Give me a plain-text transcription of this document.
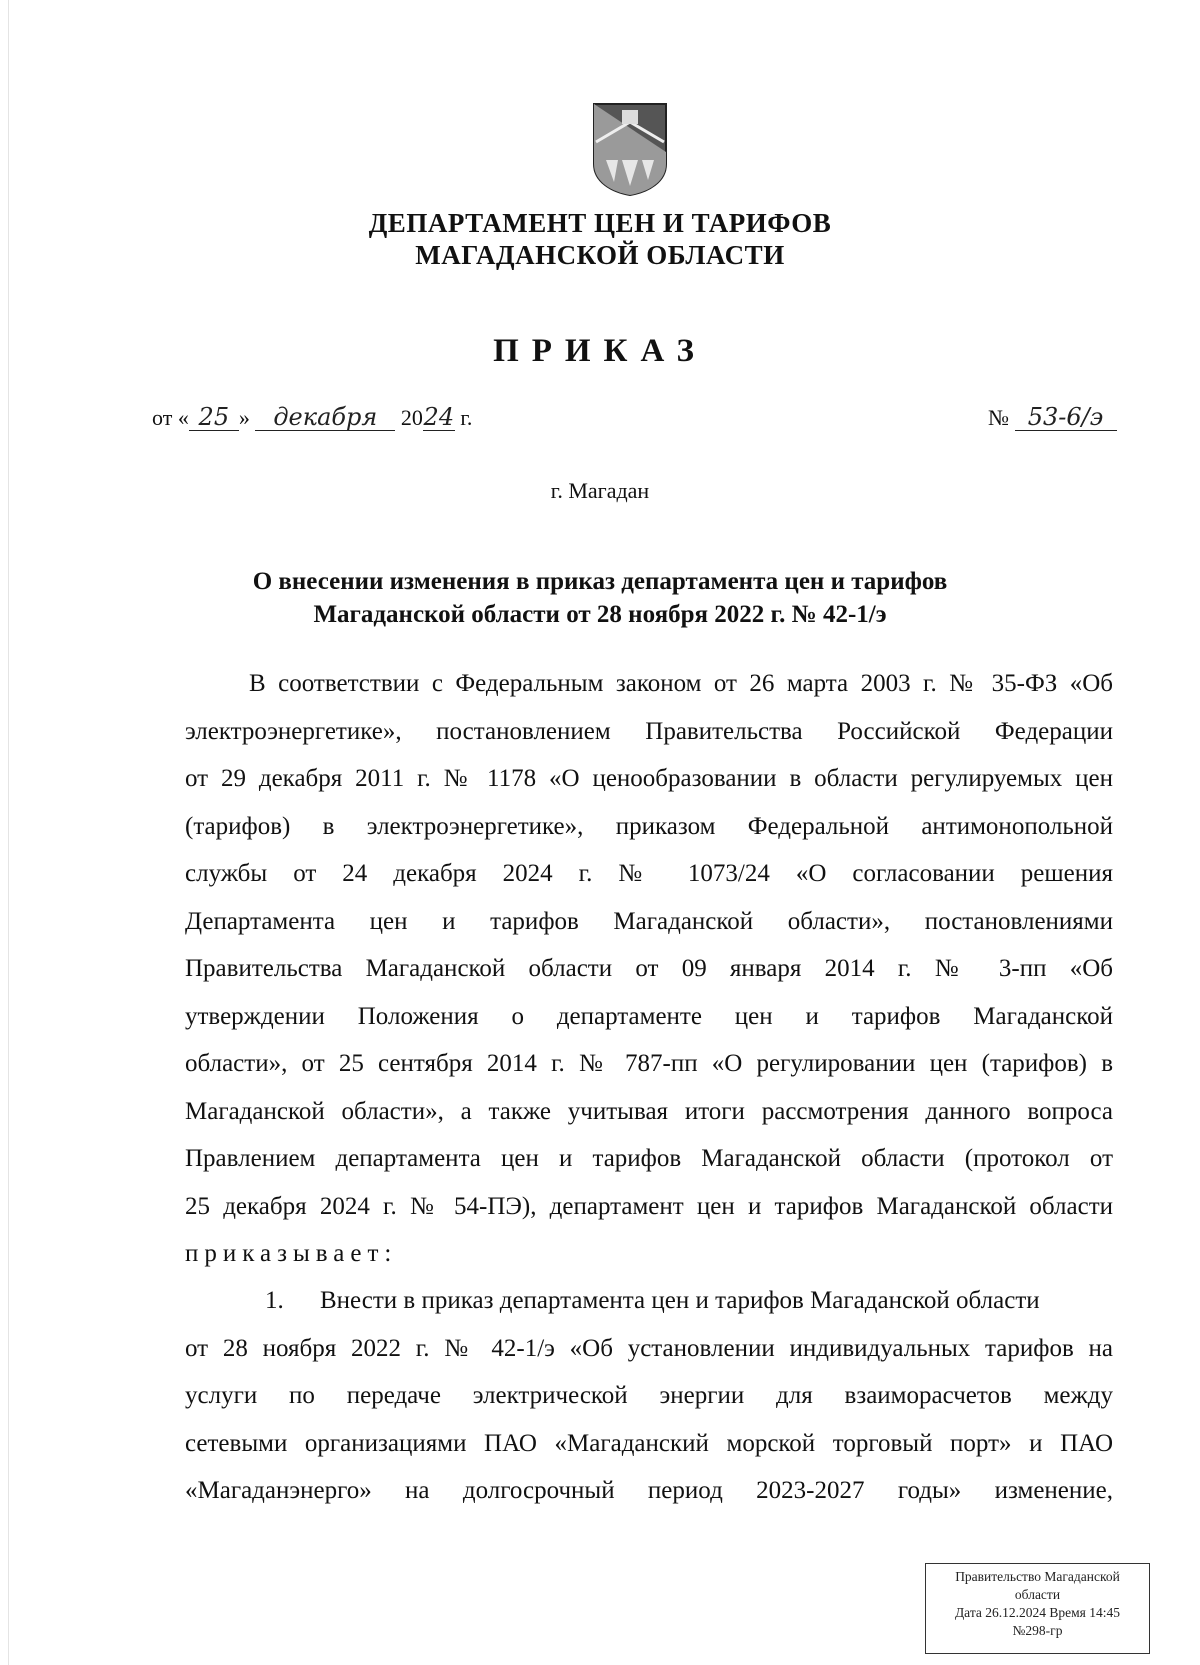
ДЕПАРТАМЕНТ ЦЕН И ТАРИФОВ
МАГАДАНСКОЙ ОБЛАСТИ
ПРИКАЗ
от « 25 » декабря 2024 г.	№ 53-6/э
г. Магадан
О внесении изменения в приказ департамента цен и тарифов
Магаданской области от 28 ноября 2022 г. № 42-1/э

В соответствии с Федеральным законом от 26 марта 2003 г. № 35-ФЗ «Об

электроэнергетике», постановлением Правительства Российской Федерации

от 29 декабря 2011 г. № 1178 «О ценообразовании в области регулируемых цен

(тарифов) в электроэнергетике», приказом Федеральной антимонопольной

службы от 24 декабря 2024 г. № 1073/24 «О согласовании решения

Департамента цен и тарифов Магаданской области», постановлениями

Правительства Магаданской области от 09 января 2014 г. № 3-пп «Об

утверждении Положения о департаменте цен и тарифов Магаданской

области», от 25 сентября 2014 г. № 787-пп «О регулировании цен (тарифов) в

Магаданской области», а также учитывая итоги рассмотрения данного вопроса

Правлением департамента цен и тарифов Магаданской области (протокол от

25 декабря 2024 г. № 54-ПЭ), департамент цен и тарифов Магаданской области

приказывает:

1. Внести в приказ департамента цен и тарифов Магаданской области

от 28 ноября 2022 г. № 42-1/э «Об установлении индивидуальных тарифов на

услуги по передаче электрической энергии для взаиморасчетов между

сетевыми организациями ПАО «Магаданский морской торговый порт» и ПАО

«Магаданэнерго» на долгосрочный период 2023-2027 годы» изменение,

Правительство Магаданской
области
Дата 26.12.2024 Время 14:45
№298-гр
